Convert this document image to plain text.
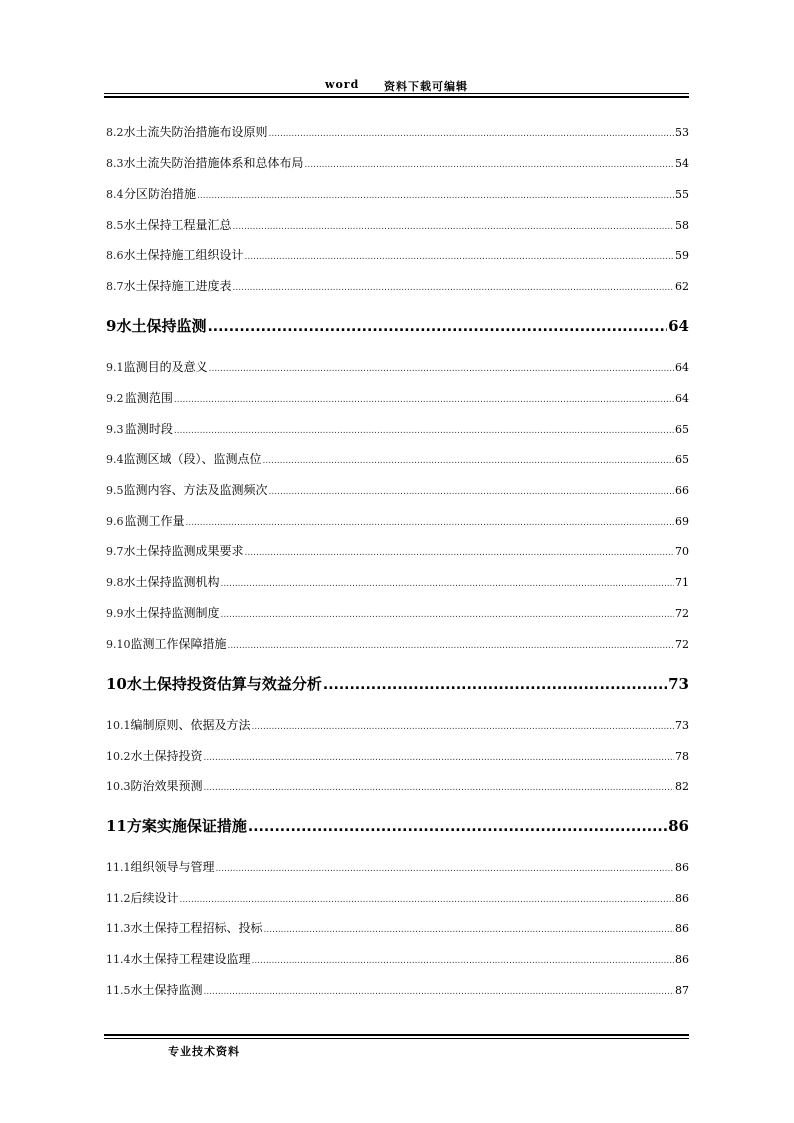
word 资料下载可编辑
8.2 水土流失防治措施布设原则 .....	53
8.3 水土流失防治措施体系和总体布局 .....	54
8.4 分区防治措施 .....	55
8.5 水土保持工程量汇总 .....	58
8.6 水土保持施工组织设计 .....	59
8.7 水土保持施工进度表 .....	62
9 水土保持监测 .....	64
9.1 监测目的及意义 .....	64
9.2 监测范围 .....	64
9.3 监测时段 .....	65
9.4 监测区域（段）、监测点位 .....	65
9.5 监测内容、方法及监测频次 .....	66
9.6 监测工作量 .....	69
9.7 水土保持监测成果要求 .....	70
9.8 水土保持监测机构 .....	71
9.9 水土保持监测制度 .....	72
9.10 监测工作保障措施 .....	72
10 水土保持投资估算与效益分析 .....	73
10.1 编制原则、依据及方法 .....	73
10.2 水土保持投资 .....	78
10.3 防治效果预测 .....	82
11 方案实施保证措施 .....	86
11.1 组织领导与管理 .....	86
11.2 后续设计 .....	86
11.3 水土保持工程招标、投标 .....	86
11.4 水土保持工程建设监理 .....	86
11.5 水土保持监测 .....	87
专业技术资料
